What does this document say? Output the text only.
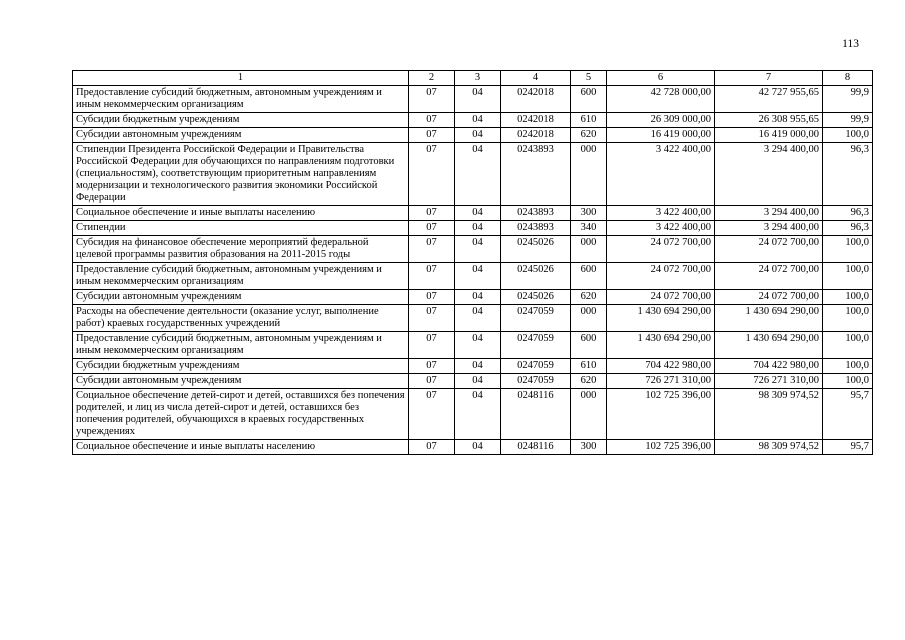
113
1	2	3	4	5	6	7	8
Предоставление субсидий бюджетным, автономным учреждениям и иным некоммерческим организациям	07	04	0242018	600	42 728 000,00	42 727 955,65	99,9
Субсидии бюджетным учреждениям	07	04	0242018	610	26 309 000,00	26 308 955,65	99,9
Субсидии автономным учреждениям	07	04	0242018	620	16 419 000,00	16 419 000,00	100,0
Стипендии Президента Российской Федерации и Правительства Российской Федерации для обучающихся по направлениям подготовки (специальностям), соответствующим приоритетным направлениям модернизации и технологического развития экономики Российской Федерации	07	04	0243893	000	3 422 400,00	3 294 400,00	96,3
Социальное обеспечение и иные выплаты населению	07	04	0243893	300	3 422 400,00	3 294 400,00	96,3
Стипендии	07	04	0243893	340	3 422 400,00	3 294 400,00	96,3
Субсидия на финансовое обеспечение мероприятий федеральной целевой программы развития образования на 2011-2015 годы	07	04	0245026	000	24 072 700,00	24 072 700,00	100,0
Предоставление субсидий бюджетным, автономным учреждениям и иным некоммерческим организациям	07	04	0245026	600	24 072 700,00	24 072 700,00	100,0
Субсидии автономным учреждениям	07	04	0245026	620	24 072 700,00	24 072 700,00	100,0
Расходы на обеспечение деятельности (оказание услуг, выполнение работ) краевых государственных учреждений	07	04	0247059	000	1 430 694 290,00	1 430 694 290,00	100,0
Предоставление субсидий бюджетным, автономным учреждениям и иным некоммерческим организациям	07	04	0247059	600	1 430 694 290,00	1 430 694 290,00	100,0
Субсидии бюджетным учреждениям	07	04	0247059	610	704 422 980,00	704 422 980,00	100,0
Субсидии автономным учреждениям	07	04	0247059	620	726 271 310,00	726 271 310,00	100,0
Социальное обеспечение детей-сирот и детей, оставшихся без попечения родителей, и лиц из числа детей-сирот и детей, оставшихся без попечения родителей, обучающихся в краевых государственных учреждениях	07	04	0248116	000	102 725 396,00	98 309 974,52	95,7
Социальное обеспечение и иные выплаты населению	07	04	0248116	300	102 725 396,00	98 309 974,52	95,7
